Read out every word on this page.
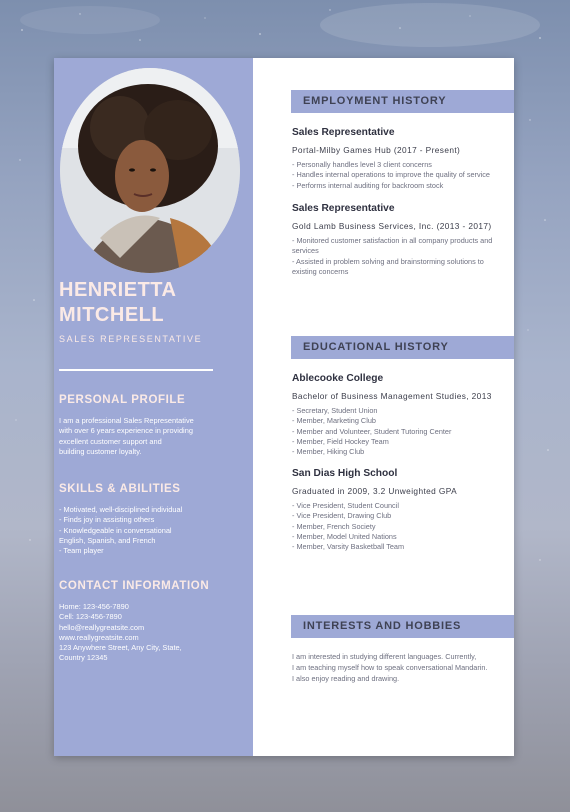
HENRIETTA
MITCHELL
SALES REPRESENTATIVE
PERSONAL PROFILE
I am a professional Sales Representative
with over 6 years experience in providing
excellent customer support and
building customer loyalty.
SKILLS & ABILITIES
- Motivated, well-disciplined individual
- Finds joy in assisting others
- Knowledgeable in conversational
English, Spanish, and French
- Team player
CONTACT INFORMATION
Home: 123-456-7890
Cell: 123-456-7890
hello@reallygreatsite.com
www.reallygreatsite.com
123 Anywhere Street, Any City, State,
Country 12345
EMPLOYMENT HISTORY
Sales Representative
Portal-Milby Games Hub (2017 - Present)
- Personally handles level 3 client concerns
- Handles internal operations to improve the quality of service
- Performs internal auditing for backroom stock
Sales Representative
Gold Lamb Business Services, Inc. (2013 - 2017)
- Monitored customer satisfaction in all company products and
services
- Assisted in problem solving and brainstorming solutions to
existing concerns
EDUCATIONAL HISTORY
Ablecooke College
Bachelor of Business Management Studies, 2013
- Secretary, Student Union
- Member, Marketing Club
- Member and Volunteer, Student Tutoring Center
- Member, Field Hockey Team
- Member, Hiking Club
San Dias High School
Graduated in 2009, 3.2 Unweighted GPA
- Vice President, Student Council
- Vice President, Drawing Club
- Member, French Society
- Member, Model United Nations
- Member, Varsity Basketball Team
INTERESTS AND HOBBIES
I am interested in studying different languages. Currently,
I am teaching myself how to speak conversational Mandarin.
I also enjoy reading and drawing.
